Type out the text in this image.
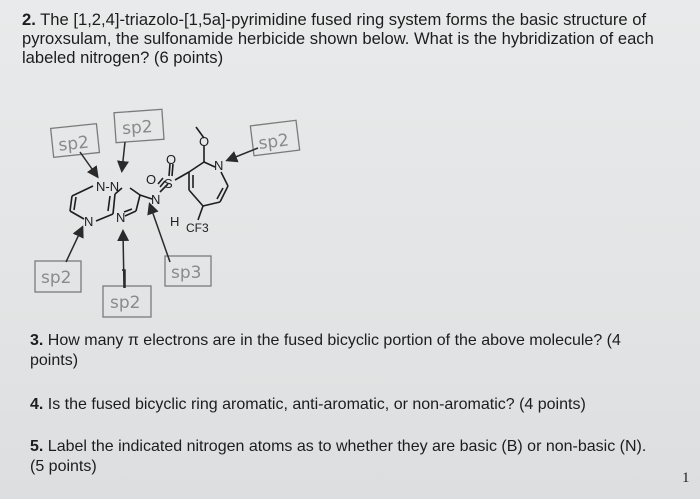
2. The [1,2,4]-triazolo-[1,5a]-pyrimidine fused ring system forms the basic structure of
pyroxsulam, the sulfonamide herbicide shown below. What is the hybridization of each
labeled nitrogen? (6 points)
sp2
sp2
sp2
sp2
sp2
sp3
N-N
N N
N
H
O
O S
O
N
CF3
3. How many π electrons are in the fused bicyclic portion of the above molecule? (4
points)
4. Is the fused bicyclic ring aromatic, anti-aromatic, or non-aromatic? (4 points)
5. Label the indicated nitrogen atoms as to whether they are basic (B) or non-basic (N).
(5 points)
1
